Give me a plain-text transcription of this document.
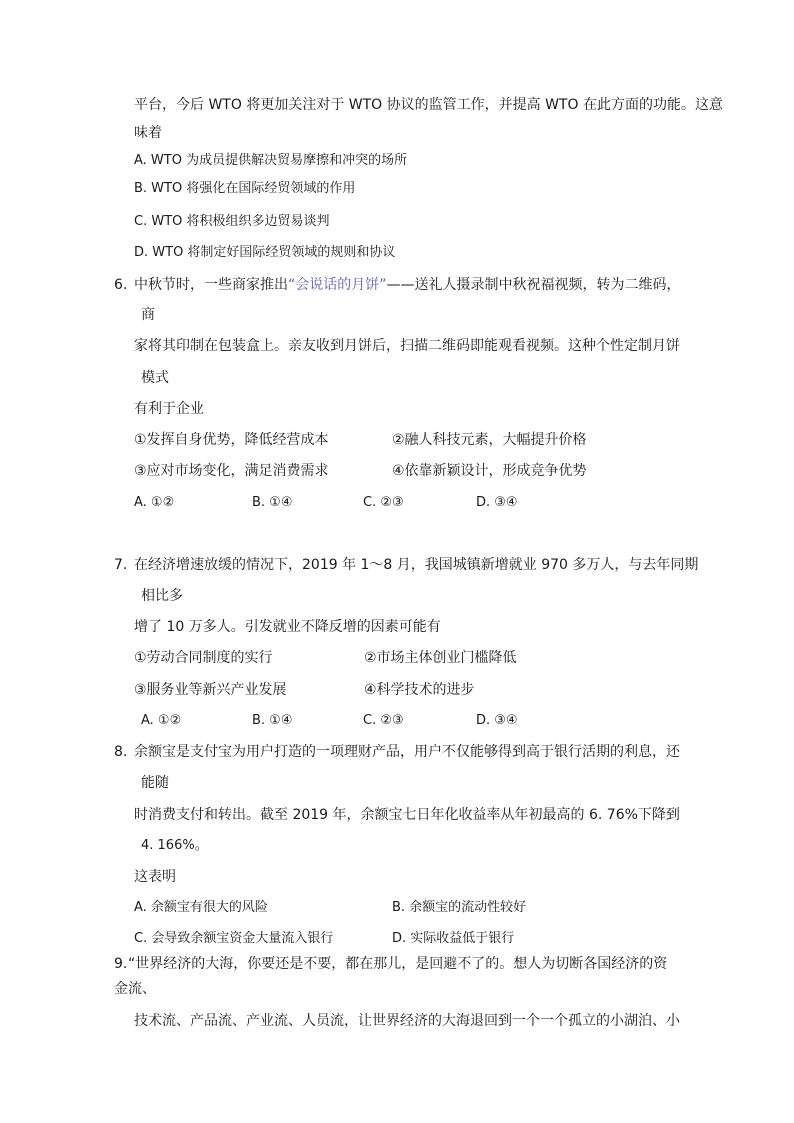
平台，今后 WTO 将更加关注对于 WTO 协议的监管工作，并提高 WTO 在此方面的功能。这意
味着
A. WTO 为成员提供解决贸易摩擦和冲突的场所
B. WTO 将强化在国际经贸领域的作用
C. WTO 将积极组织多边贸易谈判
D. WTO 将制定好国际经贸领域的规则和协议
6. 中秋节时，一些商家推出“会说话的月饼”——送礼人摄录制中秋祝福视频，转为二维码，
商
家将其印制在包装盒上。亲友收到月饼后，扫描二维码即能观看视频。这种个性定制月饼
模式
有利于企业
①发挥自身优势，降低经营成本	②融人科技元素，大幅提升价格
③应对市场变化，满足消费需求	④依靠新颖设计，形成竞争优势
A. ①②	B. ①④	C. ②③	D. ③④
7. 在经济增速放缓的情况下，2019 年 1～8 月，我国城镇新增就业 970 多万人，与去年同期
相比多
增了 10 万多人。引发就业不降反增的因素可能有
①劳动合同制度的实行	②市场主体创业门槛降低
③服务业等新兴产业发展	④科学技术的进步
A. ①②	B. ①④	C. ②③	D. ③④
8. 余额宝是支付宝为用户打造的一项理财产品，用户不仅能够得到高于银行活期的利息，还
能随
时消费支付和转出。截至 2019 年，余额宝七日年化收益率从年初最高的 6. 76%下降到
4. 166%。
这表明
A. 余额宝有很大的风险	B. 余额宝的流动性较好
C. 会导致余额宝资金大量流入银行	D. 实际收益低于银行
9. “世界经济的大海，你要还是不要，都在那儿，是回避不了的。想人为切断各国经济的资
金流、
技术流、产品流、产业流、人员流，让世界经济的大海退回到一个一个孤立的小湖泊、小
